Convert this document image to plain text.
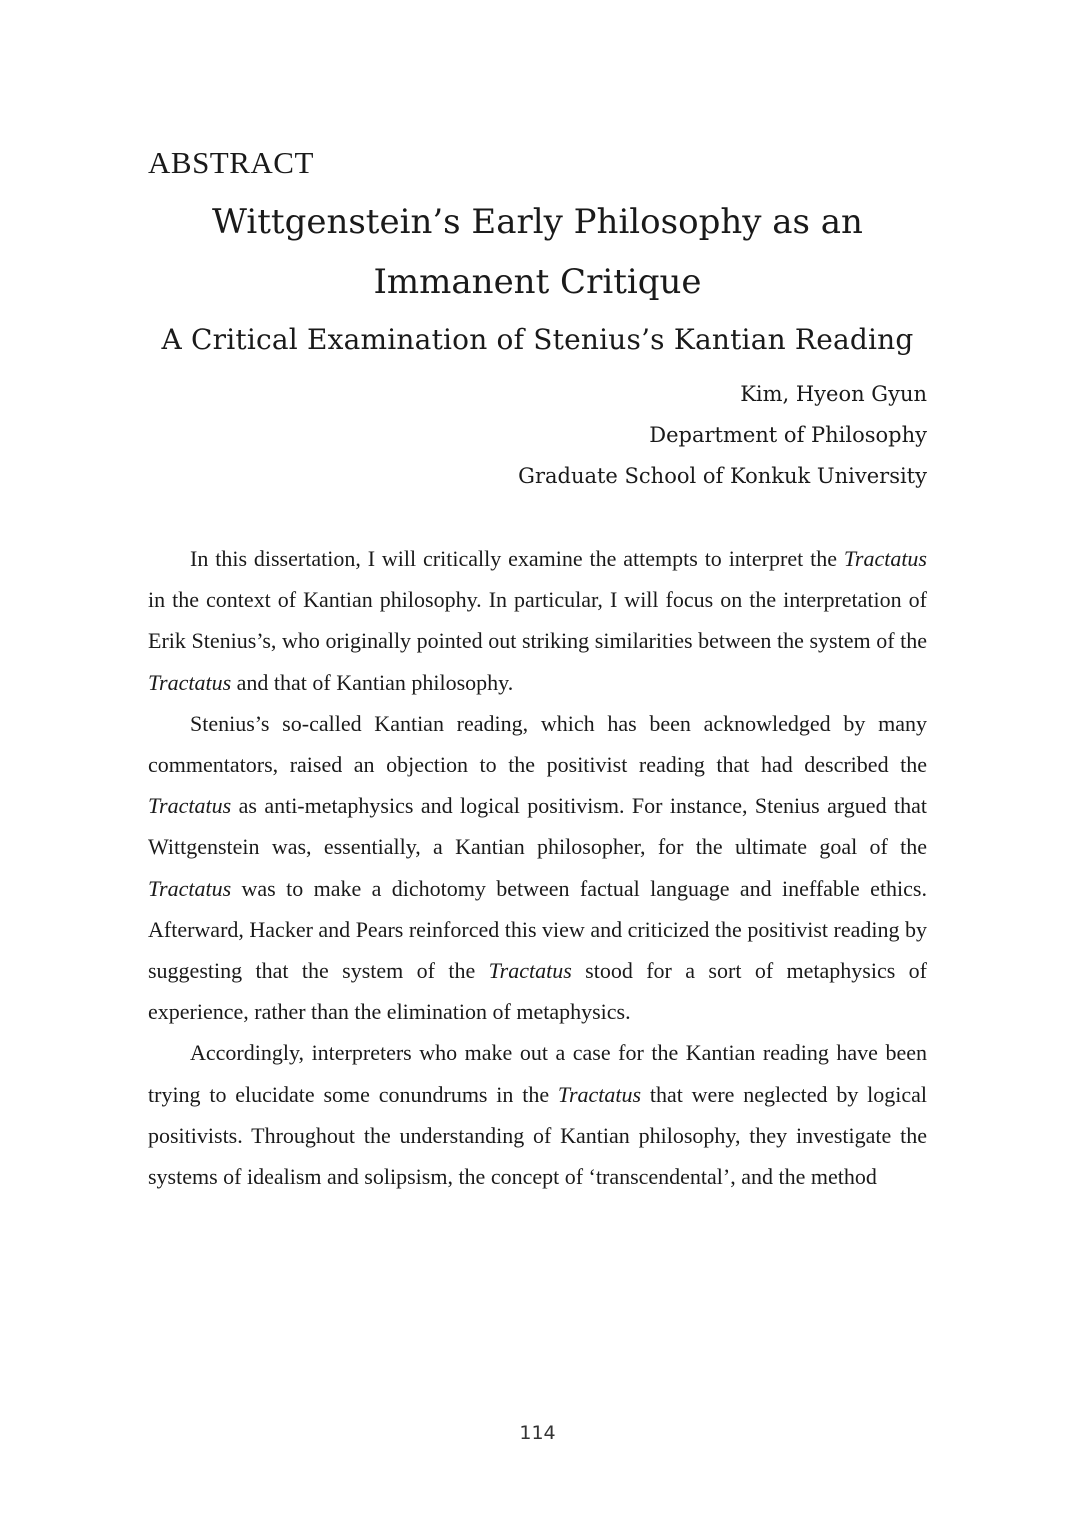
ABSTRACT
Wittgenstein’s Early Philosophy as an
Immanent Critique
A Critical Examination of Stenius’s Kantian Reading
Kim, Hyeon Gyun
Department of Philosophy
Graduate School of Konkuk University

In this dissertation, I will critically examine the attempts to interpret the Tractatus in the context of Kantian philosophy. In particular, I will focus on the interpretation of Erik Stenius’s, who originally pointed out striking similarities between the system of the Tractatus and that of Kantian philosophy.

Stenius’s so-called Kantian reading, which has been acknowledged by many commentators, raised an objection to the positivist reading that had described the Tractatus as anti-metaphysics and logical positivism. For instance, Stenius argued that Wittgenstein was, essentially, a Kantian philosopher, for the ultimate goal of the Tractatus was to make a dichotomy between factual language and ineffable ethics. Afterward, Hacker and Pears reinforced this view and criticized the positivist reading by suggesting that the system of the Tractatus stood for a sort of metaphysics of experience, rather than the elimination of metaphysics.

Accordingly, interpreters who make out a case for the Kantian reading have been trying to elucidate some conundrums in the Tractatus that were neglected by logical positivists. Throughout the understanding of Kantian philosophy, they investigate the systems of idealism and solipsism, the concept of ‘transcendental’, and the method

114
